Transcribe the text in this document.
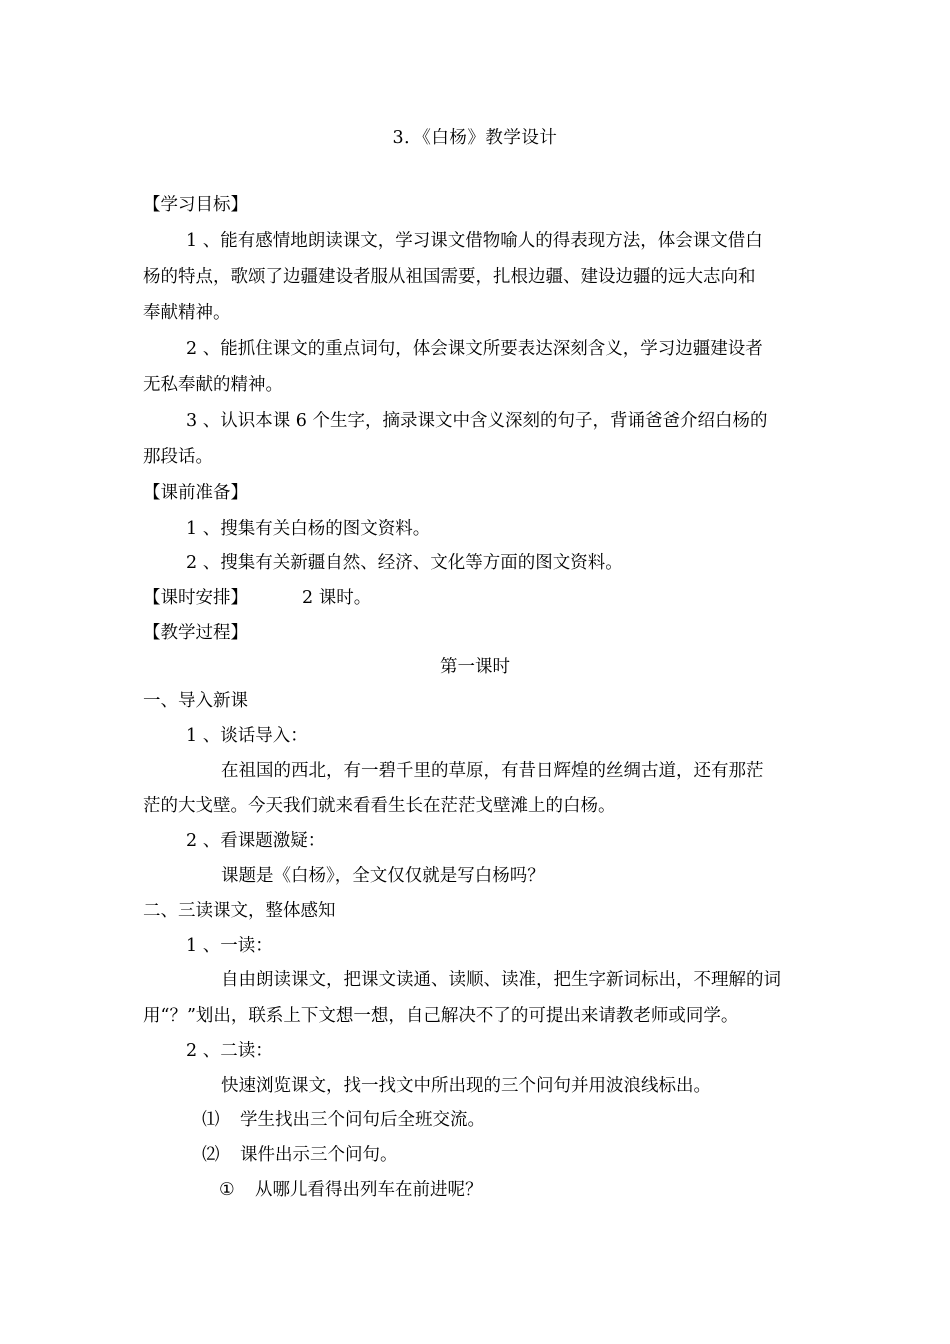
3．《白杨》教学设计
【学习目标】
1 、能有感情地朗读课文，学习课文借物喻人的得表现方法，体会课文借白
杨的特点，歌颂了边疆建设者服从祖国需要，扎根边疆、建设边疆的远大志向和
奉献精神。
2 、能抓住课文的重点词句，体会课文所要表达深刻含义，学习边疆建设者
无私奉献的精神。
3 、认识本课 6 个生字，摘录课文中含义深刻的句子，背诵爸爸介绍白杨的
那段话。
【课前准备】
1 、搜集有关白杨的图文资料。
2 、搜集有关新疆自然、经济、文化等方面的图文资料。
【课时安排】	2 课时。
【教学过程】
第一课时
一、导入新课
1 、谈话导入：
在祖国的西北，有一碧千里的草原，有昔日辉煌的丝绸古道，还有那茫
茫的大戈壁。今天我们就来看看生长在茫茫戈壁滩上的白杨。
2 、看课题激疑：
课题是《白杨》，全文仅仅就是写白杨吗？
二、三读课文，整体感知
1 、一读：
自由朗读课文，把课文读通、读顺、读准，把生字新词标出，不理解的词
用“？”划出，联系上下文想一想，自己解决不了的可提出来请教老师或同学。
2 、二读：
快速浏览课文，找一找文中所出现的三个问句并用波浪线标出。
⑴ 学生找出三个问句后全班交流。
⑵ 课件出示三个问句。
① 从哪儿看得出列车在前进呢？
